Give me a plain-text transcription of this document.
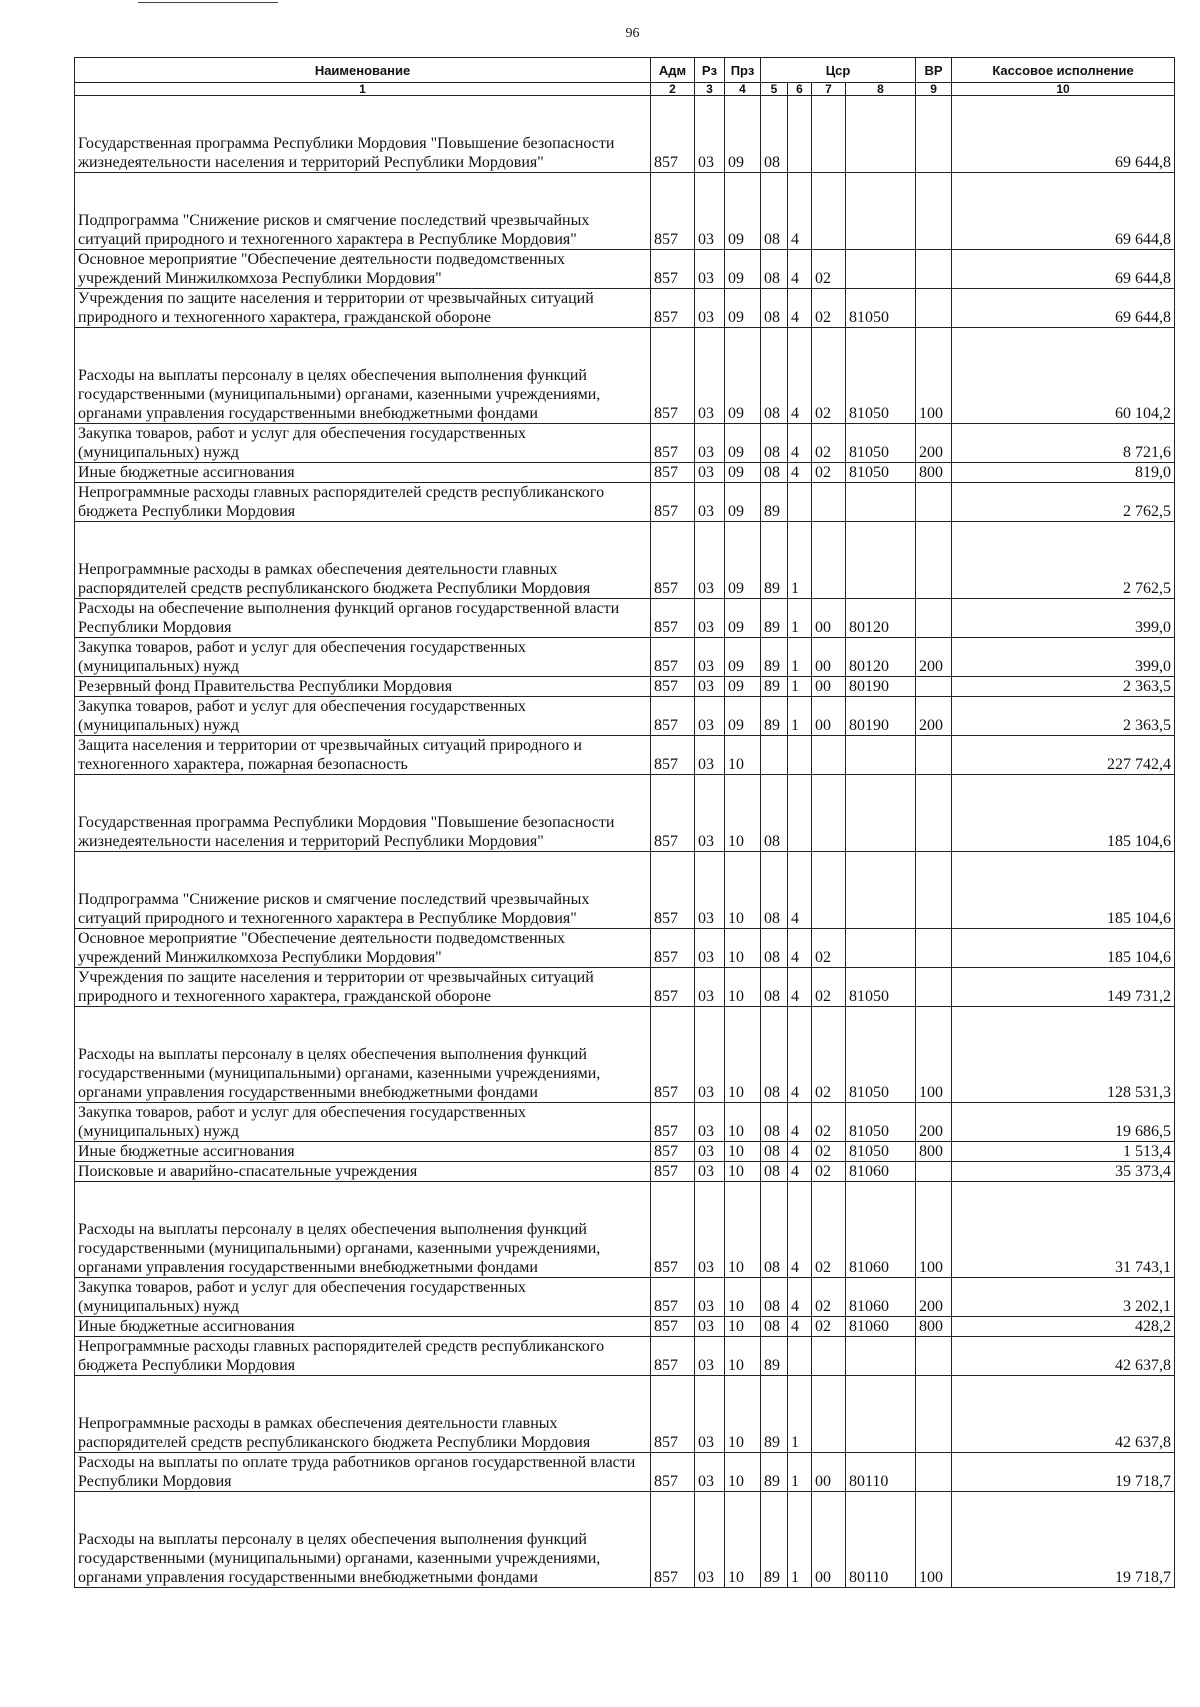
96
Наименование	Адм	Рз	Прз	Цср				ВР	Кассовое исполнение
1	2	3	4	5	6	7	8	9	10
Государственная программа Республики Мордовия "Повышение безопасности жизнедеятельности населения и территорий Республики Мордовия"	857	03	09	08					69 644,8
Подпрограмма "Снижение рисков и смягчение последствий чрезвычайных ситуаций природного и техногенного характера в Республике Мордовия"	857	03	09	08	4				69 644,8
Основное мероприятие "Обеспечение деятельности подведомственных учреждений Минжилкомхоза Республики Мордовия"	857	03	09	08	4	02			69 644,8
Учреждения по защите населения и территории от чрезвычайных ситуаций природного и техногенного характера, гражданской обороне	857	03	09	08	4	02	81050		69 644,8
Расходы на выплаты персоналу в целях обеспечения выполнения функций государственными (муниципальными) органами, казенными учреждениями, органами управления государственными внебюджетными фондами	857	03	09	08	4	02	81050	100	60 104,2
Закупка товаров, работ и услуг для обеспечения государственных (муниципальных) нужд	857	03	09	08	4	02	81050	200	8 721,6
Иные бюджетные ассигнования	857	03	09	08	4	02	81050	800	819,0
Непрограммные расходы главных распорядителей средств республиканского бюджета Республики Мордовия	857	03	09	89					2 762,5
Непрограммные расходы в рамках обеспечения деятельности главных распорядителей средств республиканского бюджета Республики Мордовия	857	03	09	89	1				2 762,5
Расходы на обеспечение выполнения функций органов государственной власти Республики Мордовия	857	03	09	89	1	00	80120		399,0
Закупка товаров, работ и услуг для обеспечения государственных (муниципальных) нужд	857	03	09	89	1	00	80120	200	399,0
Резервный фонд Правительства Республики Мордовия	857	03	09	89	1	00	80190		2 363,5
Закупка товаров, работ и услуг для обеспечения государственных (муниципальных) нужд	857	03	09	89	1	00	80190	200	2 363,5
Защита населения и территории от чрезвычайных ситуаций природного и техногенного характера, пожарная безопасность	857	03	10						227 742,4
Государственная программа Республики Мордовия "Повышение безопасности жизнедеятельности населения и территорий Республики Мордовия"	857	03	10	08					185 104,6
Подпрограмма "Снижение рисков и смягчение последствий чрезвычайных ситуаций природного и техногенного характера в Республике Мордовия"	857	03	10	08	4				185 104,6
Основное мероприятие "Обеспечение деятельности подведомственных учреждений Минжилкомхоза Республики Мордовия"	857	03	10	08	4	02			185 104,6
Учреждения по защите населения и территории от чрезвычайных ситуаций природного и техногенного характера, гражданской обороне	857	03	10	08	4	02	81050		149 731,2
Расходы на выплаты персоналу в целях обеспечения выполнения функций государственными (муниципальными) органами, казенными учреждениями, органами управления государственными внебюджетными фондами	857	03	10	08	4	02	81050	100	128 531,3
Закупка товаров, работ и услуг для обеспечения государственных (муниципальных) нужд	857	03	10	08	4	02	81050	200	19 686,5
Иные бюджетные ассигнования	857	03	10	08	4	02	81050	800	1 513,4
Поисковые и аварийно-спасательные учреждения	857	03	10	08	4	02	81060		35 373,4
Расходы на выплаты персоналу в целях обеспечения выполнения функций государственными (муниципальными) органами, казенными учреждениями, органами управления государственными внебюджетными фондами	857	03	10	08	4	02	81060	100	31 743,1
Закупка товаров, работ и услуг для обеспечения государственных (муниципальных) нужд	857	03	10	08	4	02	81060	200	3 202,1
Иные бюджетные ассигнования	857	03	10	08	4	02	81060	800	428,2
Непрограммные расходы главных распорядителей средств республиканского бюджета Республики Мордовия	857	03	10	89					42 637,8
Непрограммные расходы в рамках обеспечения деятельности главных распорядителей средств республиканского бюджета Республики Мордовия	857	03	10	89	1				42 637,8
Расходы на выплаты по оплате труда работников органов государственной власти Республики Мордовия	857	03	10	89	1	00	80110		19 718,7
Расходы на выплаты персоналу в целях обеспечения выполнения функций государственными (муниципальными) органами, казенными учреждениями, органами управления государственными внебюджетными фондами	857	03	10	89	1	00	80110	100	19 718,7
